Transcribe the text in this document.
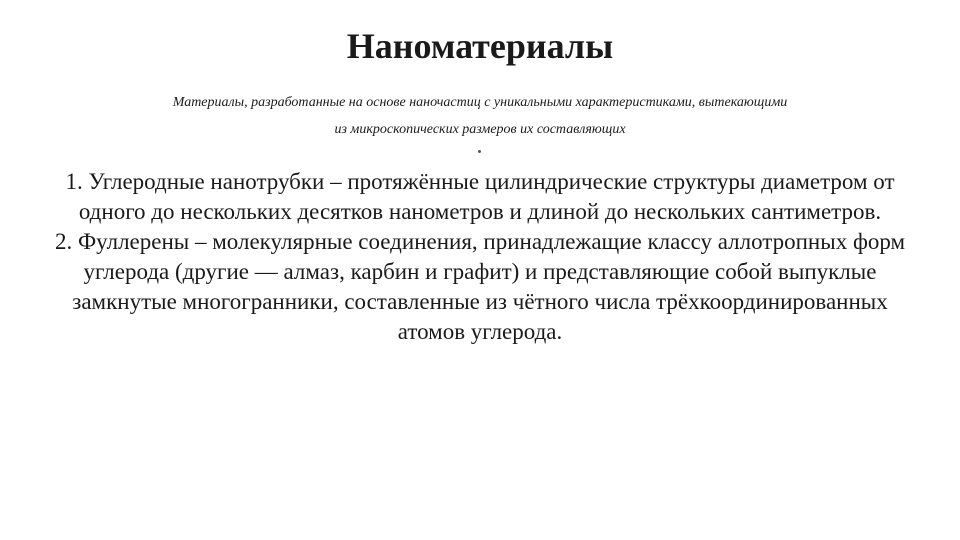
Наноматериалы
Материалы, разработанные на основе наночастиц с уникальными характеристиками, вытекающими
из микроскопических размеров их составляющих

1. Углеродные нанотрубки – протяжённые цилиндрические структуры диаметром от одного до нескольких десятков нанометров и длиной до нескольких сантиметров.

2. Фуллерены – молекулярные соединения, принадлежащие классу аллотропных форм углерода (другие — алмаз, карбин и графит) и представляющие собой выпуклые замкнутые многогранники, составленные из чётного числа трёхкоординированных атомов углерода.
